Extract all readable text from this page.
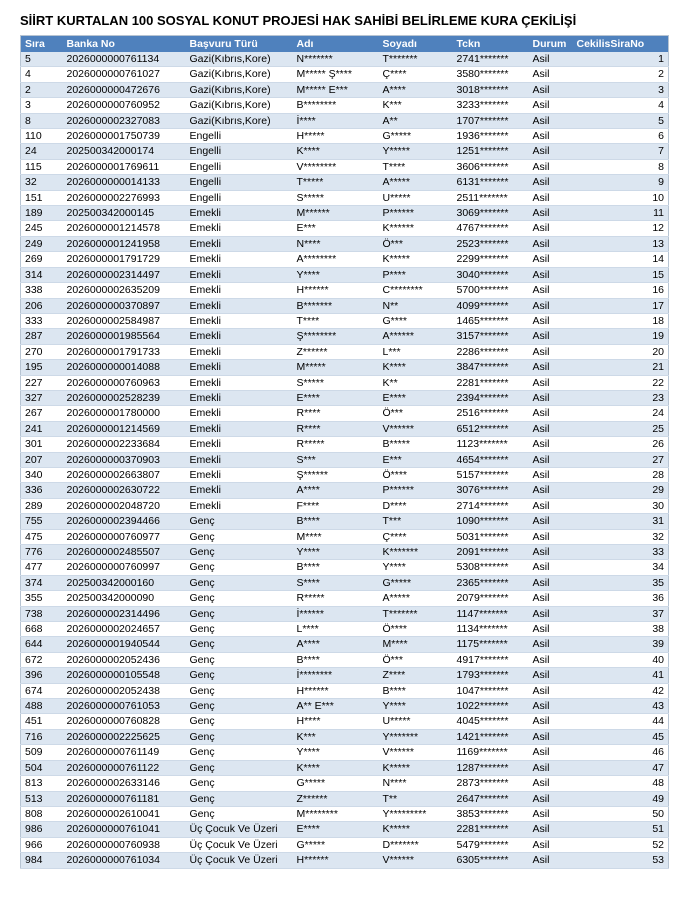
SİİRT KURTALAN 100 SOSYAL KONUT PROJESİ HAK SAHİBİ BELİRLEME KURA ÇEKİLİŞİ
Sıra	Banka No	Başvuru Türü	Adı	Soyadı	Tckn	Durum	CekilisSiraNo
5	2026000000761134	Gazi(Kıbrıs,Kore)	N*******	T*******	2741*******	Asil	1
4	2026000000761027	Gazi(Kıbrıs,Kore)	M***** Ş****	Ç****	3580*******	Asil	2
2	2026000000472676	Gazi(Kıbrıs,Kore)	M***** E***	A****	3018*******	Asil	3
3	2026000000760952	Gazi(Kıbrıs,Kore)	B********	K***	3233*******	Asil	4
8	2026000002327083	Gazi(Kıbrıs,Kore)	İ****	A**	1707*******	Asil	5
110	2026000001750739	Engelli	H*****	G*****	1936*******	Asil	6
24	202500342000174	Engelli	K****	Y*****	1251*******	Asil	7
115	2026000001769611	Engelli	V********	T****	3606*******	Asil	8
32	2026000000014133	Engelli	T*****	A*****	6131*******	Asil	9
151	2026000002276993	Engelli	S*****	U*****	2511*******	Asil	10
189	202500342000145	Emekli	M******	P******	3069*******	Asil	11
245	2026000001214578	Emekli	E***	K******	4767*******	Asil	12
249	2026000001241958	Emekli	N****	Ö***	2523*******	Asil	13
269	2026000001791729	Emekli	A********	K*****	2299*******	Asil	14
314	2026000002314497	Emekli	Y****	P****	3040*******	Asil	15
338	2026000002635209	Emekli	H******	C********	5700*******	Asil	16
206	2026000000370897	Emekli	B*******	N**	4099*******	Asil	17
333	2026000002584987	Emekli	T****	G****	1465*******	Asil	18
287	2026000001985564	Emekli	Ş********	A******	3157*******	Asil	19
270	2026000001791733	Emekli	Z******	L***	2286*******	Asil	20
195	2026000000014088	Emekli	M*****	K****	3847*******	Asil	21
227	2026000000760963	Emekli	S*****	K**	2281*******	Asil	22
327	2026000002528239	Emekli	E****	E****	2394*******	Asil	23
267	2026000001780000	Emekli	R****	Ö***	2516*******	Asil	24
241	2026000001214569	Emekli	R****	V******	6512*******	Asil	25
301	2026000002233684	Emekli	R*****	B*****	1123*******	Asil	26
207	2026000000370903	Emekli	S***	E***	4654*******	Asil	27
340	2026000002663807	Emekli	Ş******	Ö****	5157*******	Asil	28
336	2026000002630722	Emekli	A****	P******	3076*******	Asil	29
289	2026000002048720	Emekli	F****	D****	2714*******	Asil	30
755	2026000002394466	Genç	B****	T***	1090*******	Asil	31
475	2026000000760977	Genç	M****	Ç****	5031*******	Asil	32
776	2026000002485507	Genç	Y****	K*******	2091*******	Asil	33
477	2026000000760997	Genç	B****	Y****	5308*******	Asil	34
374	202500342000160	Genç	S****	G*****	2365*******	Asil	35
355	202500342000090	Genç	R*****	A*****	2079*******	Asil	36
738	2026000002314496	Genç	İ******	T*******	1147*******	Asil	37
668	2026000002024657	Genç	L****	Ö****	1134*******	Asil	38
644	2026000001940544	Genç	A****	M****	1175*******	Asil	39
672	2026000002052436	Genç	B****	Ö***	4917*******	Asil	40
396	2026000000105548	Genç	İ********	Z****	1793*******	Asil	41
674	2026000002052438	Genç	H******	B****	1047*******	Asil	42
488	2026000000761053	Genç	A** E***	Y****	1022*******	Asil	43
451	2026000000760828	Genç	H****	U*****	4045*******	Asil	44
716	2026000002225625	Genç	K***	Y*******	1421*******	Asil	45
509	2026000000761149	Genç	Y****	V******	1169*******	Asil	46
504	2026000000761122	Genç	K****	K*****	1287*******	Asil	47
813	2026000002633146	Genç	G*****	N****	2873*******	Asil	48
513	2026000000761181	Genç	Z******	T**	2647*******	Asil	49
808	2026000002610041	Genç	M********	Y*********	3853*******	Asil	50
986	2026000000761041	Üç Çocuk Ve Üzeri	E****	K*****	2281*******	Asil	51
966	2026000000760938	Üç Çocuk Ve Üzeri	G*****	D*******	5479*******	Asil	52
984	2026000000761034	Üç Çocuk Ve Üzeri	H******	V******	6305*******	Asil	53
